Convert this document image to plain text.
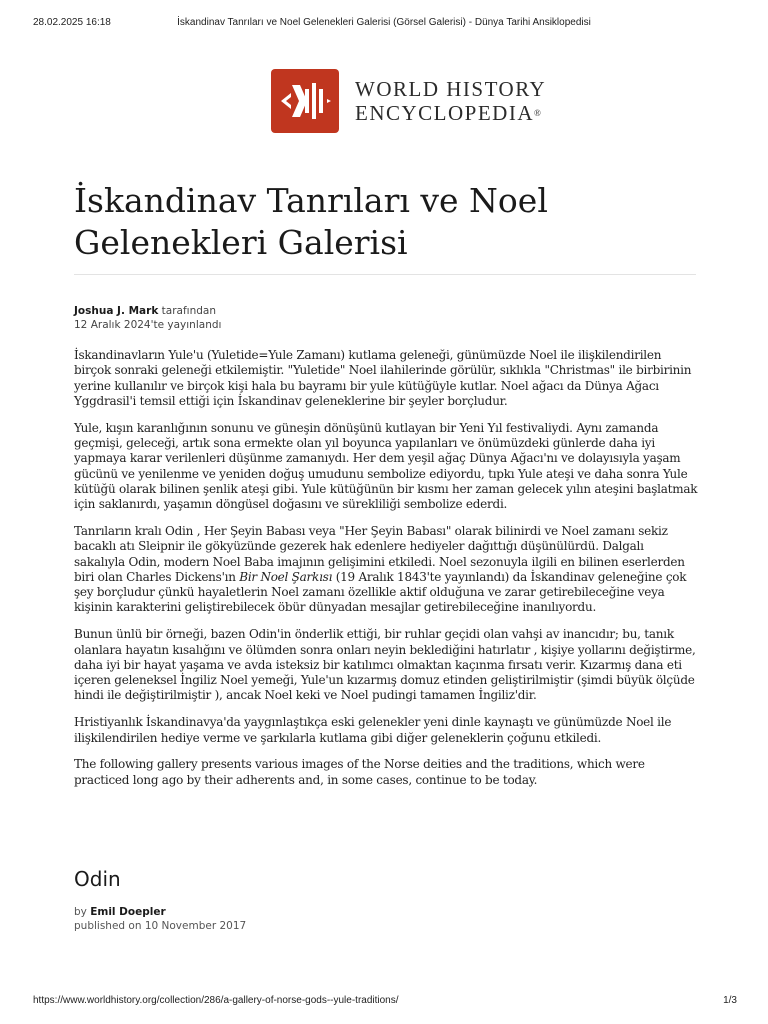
28.02.2025 16:18	İskandinav Tanrıları ve Noel Gelenekleri Galerisi (Görsel Galerisi) - Dünya Tarihi Ansiklopedisi
WORLD HISTORY
ENCYCLOPEDIA®
İskandinav Tanrıları ve Noel
Gelenekleri Galerisi
Joshua J. Mark tarafından
12 Aralık 2024'te yayınlandı

İskandinavların Yule'u (Yuletide=Yule Zamanı) kutlama geleneği, günümüzde Noel ile ilişkilendirilen birçok sonraki geleneği etkilemiştir. "Yuletide" Noel ilahilerinde görülür, sıklıkla "Christmas" ile birbirinin yerine kullanılır ve birçok kişi hala bu bayramı bir yule kütüğüyle kutlar. Noel ağacı da Dünya Ağacı Yggdrasil'i temsil ettiği için İskandinav geleneklerine bir şeyler borçludur.

Yule, kışın karanlığının sonunu ve güneşin dönüşünü kutlayan bir Yeni Yıl festivaliydi. Aynı zamanda geçmişi, geleceği, artık sona ermekte olan yıl boyunca yapılanları ve önümüzdeki günlerde daha iyi yapmaya karar verilenleri düşünme zamanıydı. Her dem yeşil ağaç Dünya Ağacı'nı ve dolayısıyla yaşam gücünü ve yenilenme ve yeniden doğuş umudunu sembolize ediyordu, tıpkı Yule ateşi ve daha sonra Yule kütüğü olarak bilinen şenlik ateşi gibi. Yule kütüğünün bir kısmı her zaman gelecek yılın ateşini başlatmak için saklanırdı, yaşamın döngüsel doğasını ve sürekliliği sembolize ederdi.

Tanrıların kralı Odin , Her Şeyin Babası veya "Her Şeyin Babası" olarak bilinirdi ve Noel zamanı sekiz bacaklı atı Sleipnir ile gökyüzünde gezerek hak edenlere hediyeler dağıttığı düşünülürdü. Dalgalı sakalıyla Odin, modern Noel Baba imajının gelişimini etkiledi. Noel sezonuyla ilgili en bilinen eserlerden biri olan Charles Dickens'ın Bir Noel Şarkısı (19 Aralık 1843'te yayınlandı) da İskandinav geleneğine çok şey borçludur çünkü hayaletlerin Noel zamanı özellikle aktif olduğuna ve zarar getirebileceğine veya kişinin karakterini geliştirebilecek öbür dünyadan mesajlar getirebileceğine inanılıyordu.

Bunun ünlü bir örneği, bazen Odin'in önderlik ettiği, bir ruhlar geçidi olan vahşi av inancıdır; bu, tanık olanlara hayatın kısalığını ve ölümden sonra onları neyin beklediğini hatırlatır , kişiye yollarını değiştirme, daha iyi bir hayat yaşama ve avda isteksiz bir katılımcı olmaktan kaçınma fırsatı verir. Kızarmış dana eti içeren geleneksel İngiliz Noel yemeği, Yule'un kızarmış domuz etinden geliştirilmiştir (şimdi büyük ölçüde hindi ile değiştirilmiştir ), ancak Noel keki ve Noel pudingi tamamen İngiliz'dir.

Hristiyanlık İskandinavya'da yaygınlaştıkça eski gelenekler yeni dinle kaynaştı ve günümüzde Noel ile ilişkilendirilen hediye verme ve şarkılarla kutlama gibi diğer geleneklerin çoğunu etkiledi.

The following gallery presents various images of the Norse deities and the traditions, which were practiced long ago by their adherents and, in some cases, continue to be today.

Odin
by Emil Doepler
published on 10 November 2017
https://www.worldhistory.org/collection/286/a-gallery-of-norse-gods--yule-traditions/	1/3
